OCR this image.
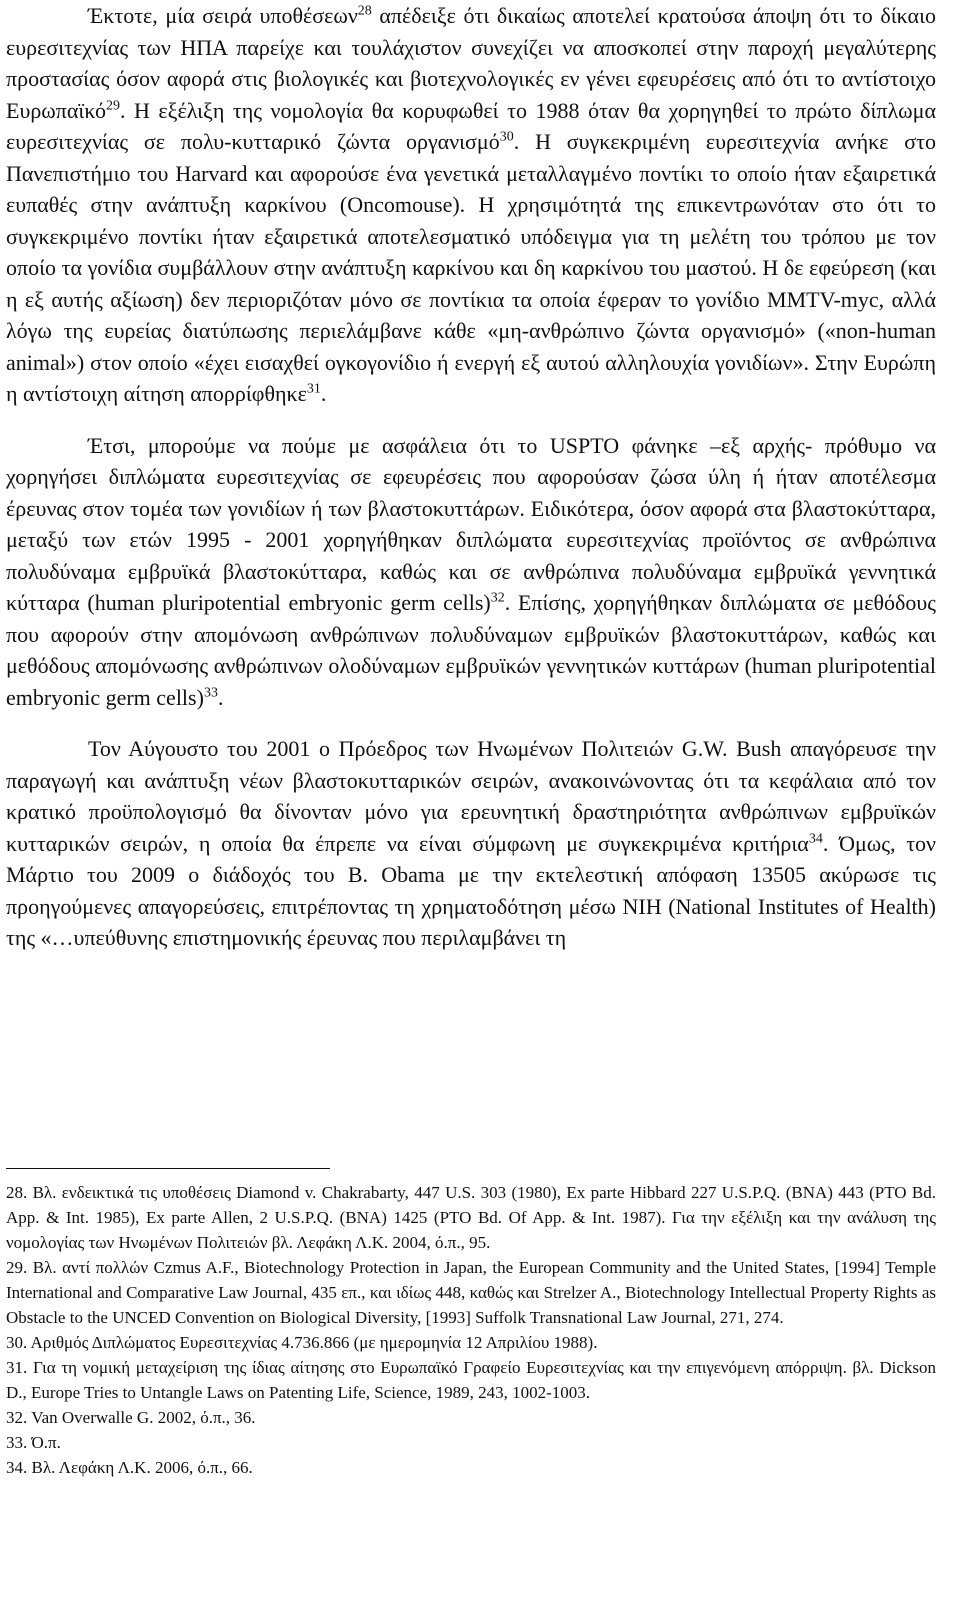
Έκτοτε, μία σειρά υποθέσεων$^{28}$ απέδειξε ότι δικαίως αποτελεί κρατούσα άποψη ότι το δίκαιο ευρεσιτεχνίας των ΗΠΑ παρείχε και τουλάχιστον συνεχίζει να αποσκοπεί στην παροχή μεγαλύτερης προστασίας όσον αφορά στις βιολογικές και βιοτεχνολογικές εν γένει εφευρέσεις από ότι το αντίστοιχο Ευρωπαϊκό$^{29}$. Η εξέλιξη της νομολογία θα κορυφωθεί το 1988 όταν θα χορηγηθεί το πρώτο δίπλωμα ευρεσιτεχνίας σε πολυ-κυτταρικό ζώντα οργανισμό$^{30}$. Η συγκεκριμένη ευρεσιτεχνία ανήκε στο Πανεπιστήμιο του Harvard και αφορούσε ένα γενετικά μεταλλαγμένο ποντίκι το οποίο ήταν εξαιρετικά ευπαθές στην ανάπτυξη καρκίνου (Oncomouse). Η χρησιμότητά της επικεντρωνόταν στο ότι το συγκεκριμένο ποντίκι ήταν εξαιρετικά αποτελεσματικό υπόδειγμα για τη μελέτη του τρόπου με τον οποίο τα γονίδια συμβάλλουν στην ανάπτυξη καρκίνου και δη καρκίνου του μαστού. Η δε εφεύρεση (και η εξ αυτής αξίωση) δεν περιοριζόταν μόνο σε ποντίκια τα οποία έφεραν το γονίδιο MMTV-myc, αλλά λόγω της ευρείας διατύπωσης περιελάμβανε κάθε «μη-ανθρώπινο ζώντα οργανισμό» («non-human animal») στον οποίο «έχει εισαχθεί ογκογονίδιο ή ενεργή εξ αυτού αλληλουχία γονιδίων». Στην Ευρώπη η αντίστοιχη αίτηση απορρίφθηκε$^{31}$.

Έτσι, μπορούμε να πούμε με ασφάλεια ότι το USPTO φάνηκε –εξ αρχής- πρόθυμο να χορηγήσει διπλώματα ευρεσιτεχνίας σε εφευρέσεις που αφορούσαν ζώσα ύλη ή ήταν αποτέλεσμα έρευνας στον τομέα των γονιδίων ή των βλαστοκυττάρων. Ειδικότερα, όσον αφορά στα βλαστοκύτταρα, μεταξύ των ετών 1995 - 2001 χορηγήθηκαν διπλώματα ευρεσιτεχνίας προϊόντος σε ανθρώπινα πολυδύναμα εμβρυϊκά βλαστοκύτταρα, καθώς και σε ανθρώπινα πολυδύναμα εμβρυϊκά γεννητικά κύτταρα (human pluripotential embryonic germ cells)$^{32}$. Επίσης, χορηγήθηκαν διπλώματα σε μεθόδους που αφορούν στην απομόνωση ανθρώπινων πολυδύναμων εμβρυϊκών βλαστοκυττάρων, καθώς και μεθόδους απομόνωσης ανθρώπινων ολοδύναμων εμβρυϊκών γεννητικών κυττάρων (human pluripotential embryonic germ cells)$^{33}$.

Τον Αύγουστο του 2001 ο Πρόεδρος των Ηνωμένων Πολιτειών G.W. Bush απαγόρευσε την παραγωγή και ανάπτυξη νέων βλαστοκυτταρικών σειρών, ανακοινώνοντας ότι τα κεφάλαια από τον κρατικό προϋπολογισμό θα δίνονταν μόνο για ερευνητική δραστηριότητα ανθρώπινων εμβρυϊκών κυτταρικών σειρών, η οποία θα έπρεπε να είναι σύμφωνη με συγκεκριμένα κριτήρια$^{34}$. Όμως, τον Μάρτιο του 2009 ο διάδοχός του B. Obama με την εκτελεστική απόφαση 13505 ακύρωσε τις προηγούμενες απαγορεύσεις, επιτρέποντας τη χρηματοδότηση μέσω NIH (National Institutes of Health) της «…υπεύθυνης επιστημονικής έρευνας που περιλαμβάνει τη

28. Βλ. ενδεικτικά τις υποθέσεις Diamond v. Chakrabarty, 447 U.S. 303 (1980), Ex parte Hibbard 227 U.S.P.Q. (BNA) 443 (PTO Bd. App. & Int. 1985), Ex parte Allen, 2 U.S.P.Q. (BNA) 1425 (PTO Bd. Of App. & Int. 1987). Για την εξέλιξη και την ανάλυση της νομολογίας των Ηνωμένων Πολιτειών βλ. Λεφάκη Λ.Κ. 2004, ό.π., 95.

29. Βλ. αντί πολλών Czmus A.F., Biotechnology Protection in Japan, the European Community and the United States, [1994] Temple International and Comparative Law Journal, 435 επ., και ιδίως 448, καθώς και Strelzer A., Biotechnology Intellectual Property Rights as Obstacle to the UNCED Convention on Biological Diversity, [1993] Suffolk Transnational Law Journal, 271, 274.

30. Αριθμός Διπλώματος Ευρεσιτεχνίας 4.736.866 (με ημερομηνία 12 Απριλίου 1988).

31. Για τη νομική μεταχείριση της ίδιας αίτησης στο Ευρωπαϊκό Γραφείο Ευρεσιτεχνίας και την επιγενόμενη απόρριψη. βλ. Dickson D., Europe Tries to Untangle Laws on Patenting Life, Science, 1989, 243, 1002-1003.

32. Van Overwalle G. 2002, ό.π., 36.

33. Ό.π.

34. Βλ. Λεφάκη Λ.Κ. 2006, ό.π., 66.
